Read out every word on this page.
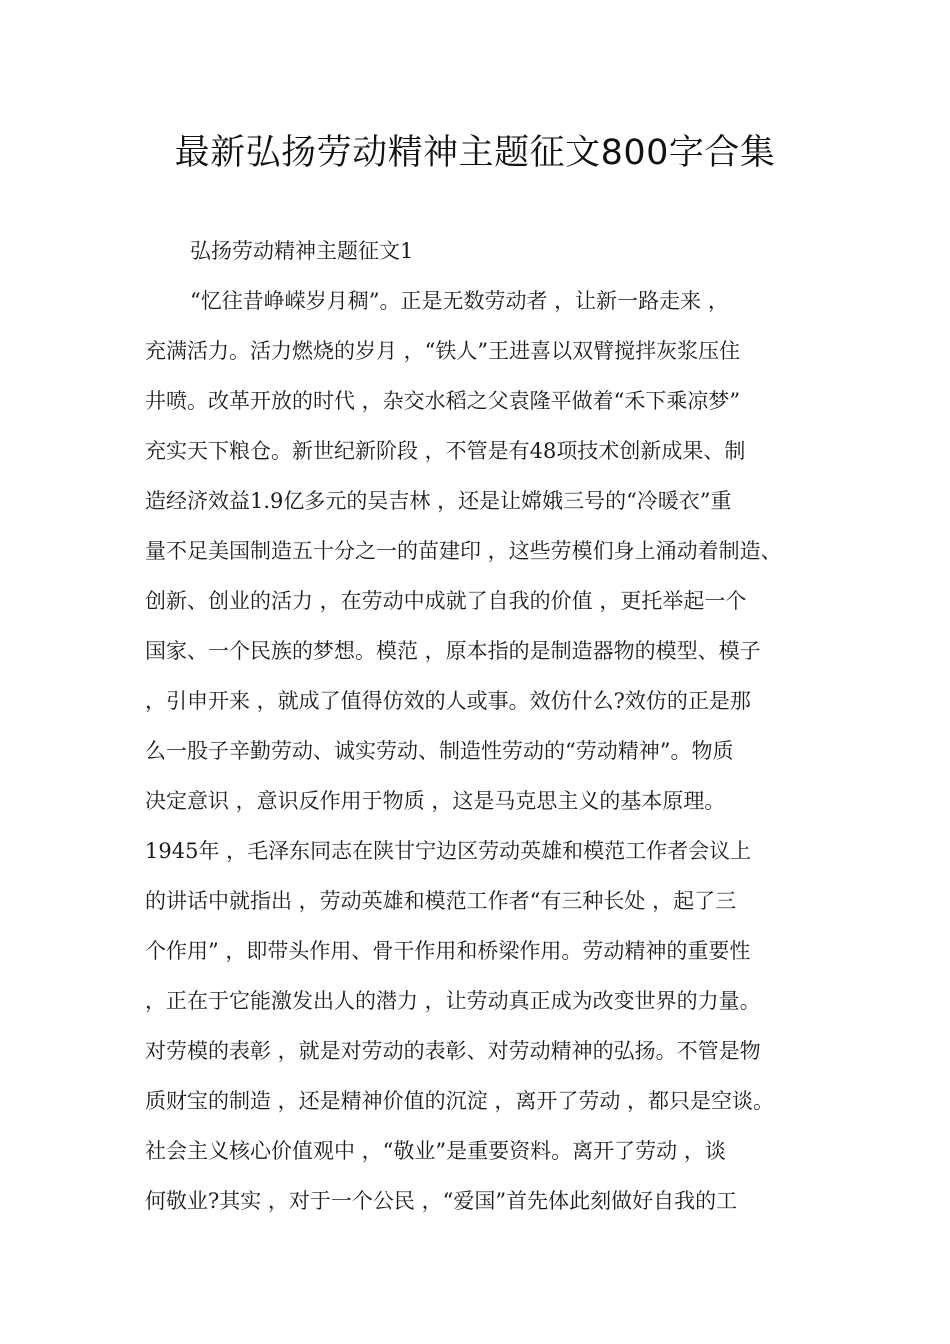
最新弘扬劳动精神主题征文800字合集
弘扬劳动精神主题征文1
“忆往昔峥嵘岁月稠”。正是无数劳动者 ，让新一路走来 ，
充满活力。活力燃烧的岁月 ，“铁人”王进喜以双臂搅拌灰浆压住
井喷。改革开放的时代 ，杂交水稻之父袁隆平做着“禾下乘凉梦”
充实天下粮仓。新世纪新阶段 ，不管是有48项技术创新成果、制
造经济效益1.9亿多元的吴吉林 ，还是让嫦娥三号的“冷暖衣”重
量不足美国制造五十分之一的苗建印 ，这些劳模们身上涌动着制造、
创新、创业的活力 ，在劳动中成就了自我的价值 ，更托举起一个
国家、一个民族的梦想。模范 ，原本指的是制造器物的模型、模子
，引申开来 ，就成了值得仿效的人或事。效仿什么?效仿的正是那
么一股子辛勤劳动、诚实劳动、制造性劳动的“劳动精神”。物质
决定意识 ，意识反作用于物质 ，这是马克思主义的基本原理。
1945年 ，毛泽东同志在陕甘宁边区劳动英雄和模范工作者会议上
的讲话中就指出 ，劳动英雄和模范工作者“有三种长处 ，起了三
个作用” ，即带头作用、骨干作用和桥梁作用。劳动精神的重要性
，正在于它能激发出人的潜力 ，让劳动真正成为改变世界的力量。
对劳模的表彰 ，就是对劳动的表彰、对劳动精神的弘扬。不管是物
质财宝的制造 ，还是精神价值的沉淀 ，离开了劳动 ，都只是空谈。
社会主义核心价值观中 ，“敬业”是重要资料。离开了劳动 ，谈
何敬业?其实 ，对于一个公民 ，“爱国”首先体此刻做好自我的工
